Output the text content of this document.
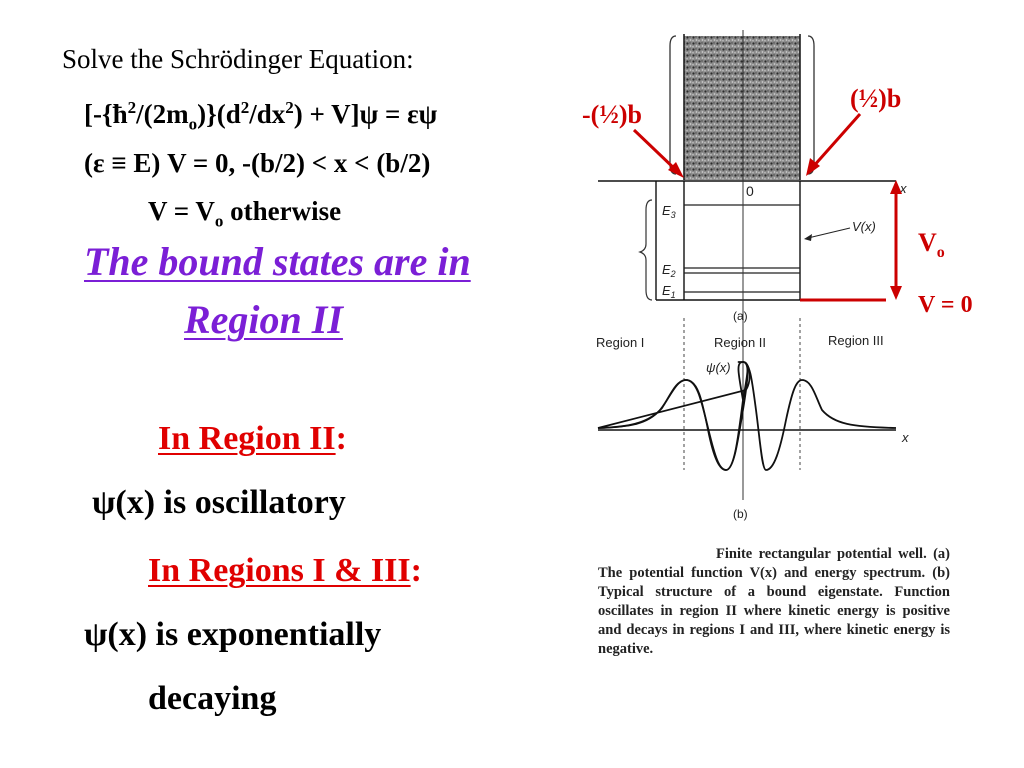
Solve the Schrödinger Equation:
$[-\{ħ^2/(2m_o)\}(d^2/dx^2) + V]\psi = \varepsilon\psi$
(ε ≡ E) V = 0, -(b/2) < x < (b/2)
$V = V_o$ otherwise
The bound states are in
Region II
In Region II:
ψ(x) is oscillatory
In Regions I & III:
ψ(x) is exponentially
decaying
x
0
$E_3$
$E_2$
$E_1$
V(x)
(a)
Region I	Region II	Region III
ψ(x)
x
(b)
-(½)b
(½)b
$V_o$
V = 0
Finite rectangular potential well. (a) The potential function V(x) and energy spectrum. (b) Typical structure of a bound eigenstate. Function oscillates in region II where kinetic energy is positive and decays in regions I and III, where kinetic energy is negative.
